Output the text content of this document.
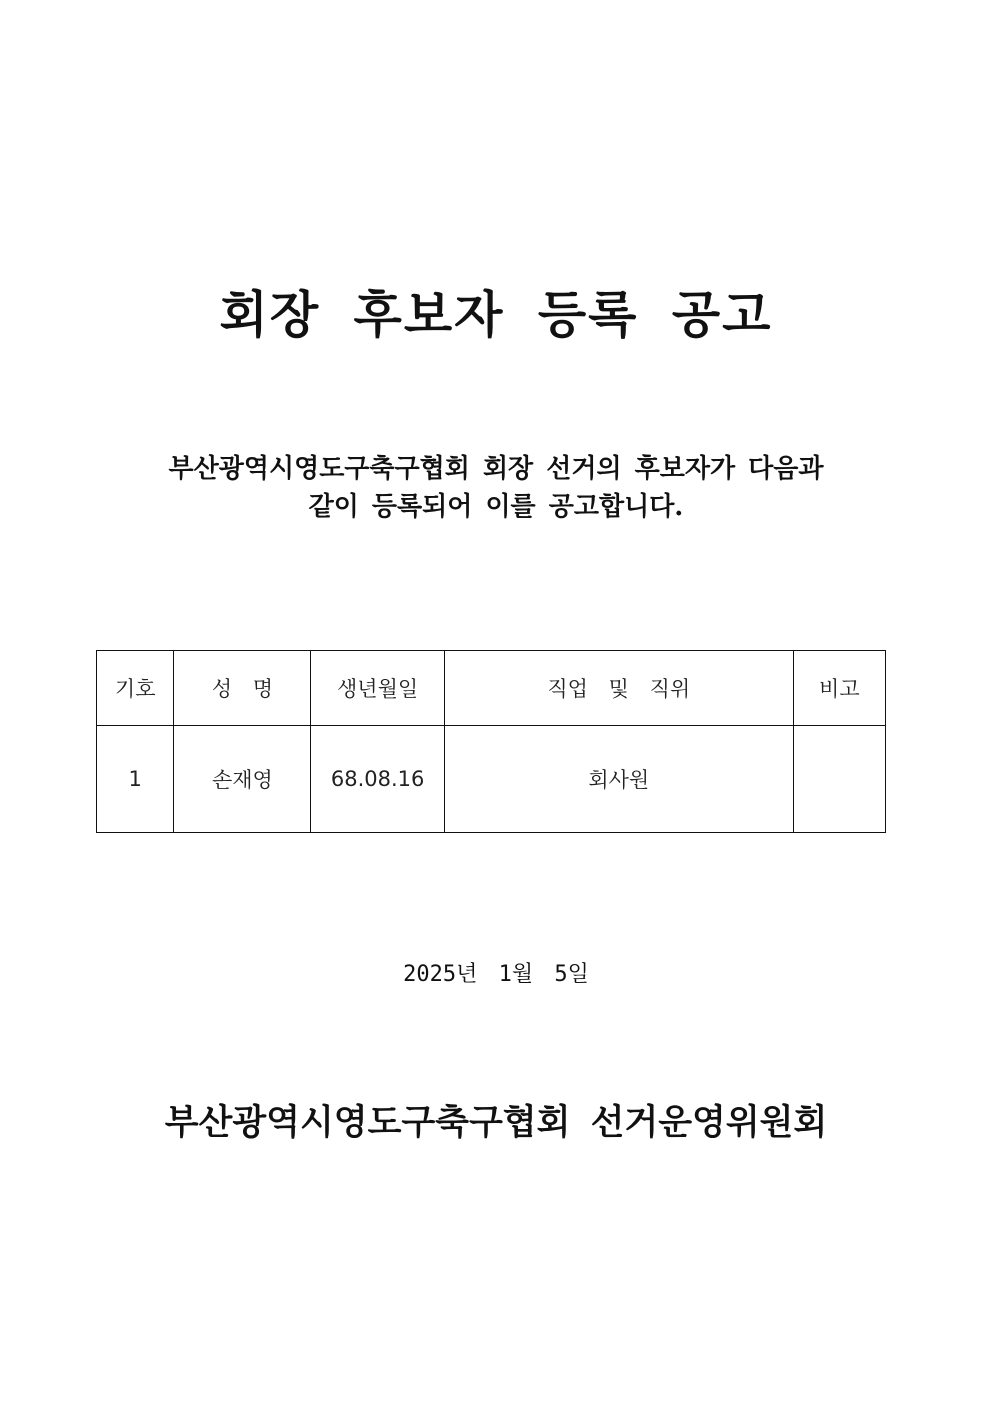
회장 후보자 등록 공고
부산광역시영도구축구협회 회장 선거의 후보자가 다음과
같이 등록되어 이를 공고합니다.
기호	성 명	생년월일	직업 및 직위	비고
1	손재영	68.08.16	회사원	
2025년 1월 5일
부산광역시영도구축구협회 선거운영위원회
